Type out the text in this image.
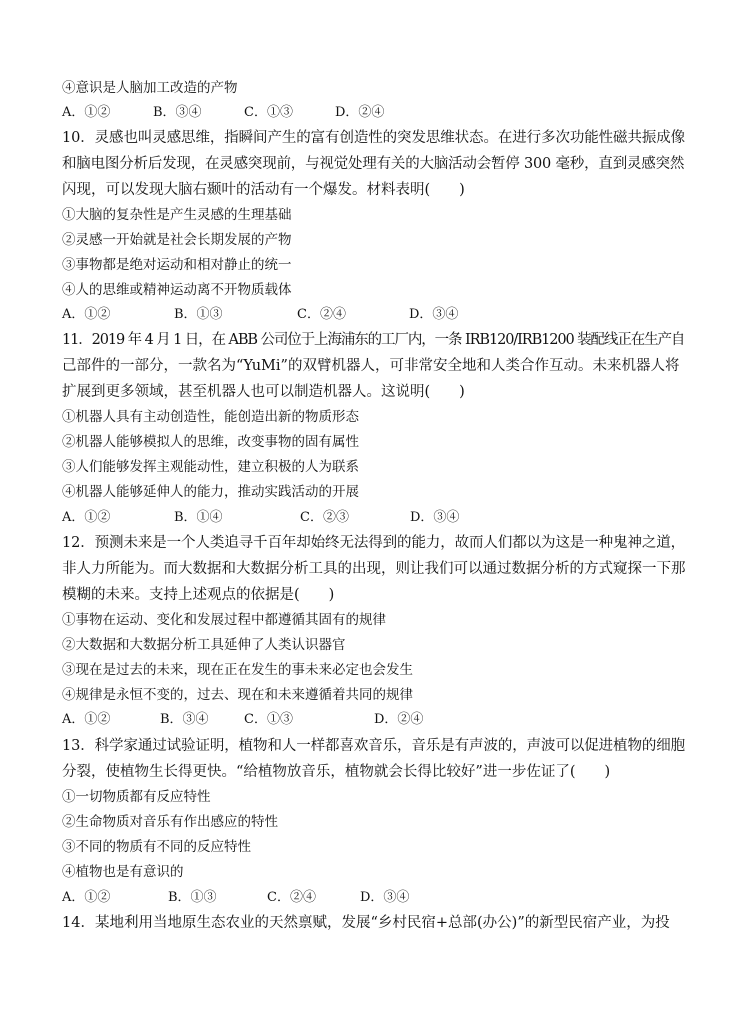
④意识是人脑加工改造的产物
A．①②	B．③④	C．①③	D．②④
10．灵感也叫灵感思维，指瞬间产生的富有创造性的突发思维状态。在进行多次功能性磁共振成像
和脑电图分析后发现，在灵感突现前，与视觉处理有关的大脑活动会暂停 300 毫秒，直到灵感突然
闪现，可以发现大脑右颞叶的活动有一个爆发。材料表明(　　)
①大脑的复杂性是产生灵感的生理基础
②灵感一开始就是社会长期发展的产物
③事物都是绝对运动和相对静止的统一
④人的思维或精神运动离不开物质载体
A．①②	B．①③	C．②④	D．③④
11．2019 年 4 月 1 日，在 ABB 公司位于上海浦东的工厂内，一条 IRB120/IRB1200 装配线正在生产自
己部件的一部分，一款名为“YuMi”的双臂机器人，可非常安全地和人类合作互动。未来机器人将
扩展到更多领域，甚至机器人也可以制造机器人。这说明(　　)
①机器人具有主动创造性，能创造出新的物质形态
②机器人能够模拟人的思维，改变事物的固有属性
③人们能够发挥主观能动性，建立积极的人为联系
④机器人能够延伸人的能力，推动实践活动的开展
A．①②	B．①④	C．②③	D．③④
12．预测未来是一个人类追寻千百年却始终无法得到的能力，故而人们都以为这是一种鬼神之道，
非人力所能为。而大数据和大数据分析工具的出现，则让我们可以通过数据分析的方式窥探一下那
模糊的未来。支持上述观点的依据是(　　)
①事物在运动、变化和发展过程中都遵循其固有的规律
②大数据和大数据分析工具延伸了人类认识器官
③现在是过去的未来，现在正在发生的事未来必定也会发生
④规律是永恒不变的，过去、现在和未来遵循着共同的规律
A．①②	B．③④	C．①③	D．②④
13．科学家通过试验证明，植物和人一样都喜欢音乐，音乐是有声波的，声波可以促进植物的细胞
分裂，使植物生长得更快。“给植物放音乐，植物就会长得比较好”进一步佐证了(　　)
①一切物质都有反应特性
②生命物质对音乐有作出感应的特性
③不同的物质有不同的反应特性
④植物也是有意识的
A．①②	B．①③	C．②④	D．③④
14．某地利用当地原生态农业的天然禀赋，发展“乡村民宿+总部(办公)”的新型民宿产业，为投
